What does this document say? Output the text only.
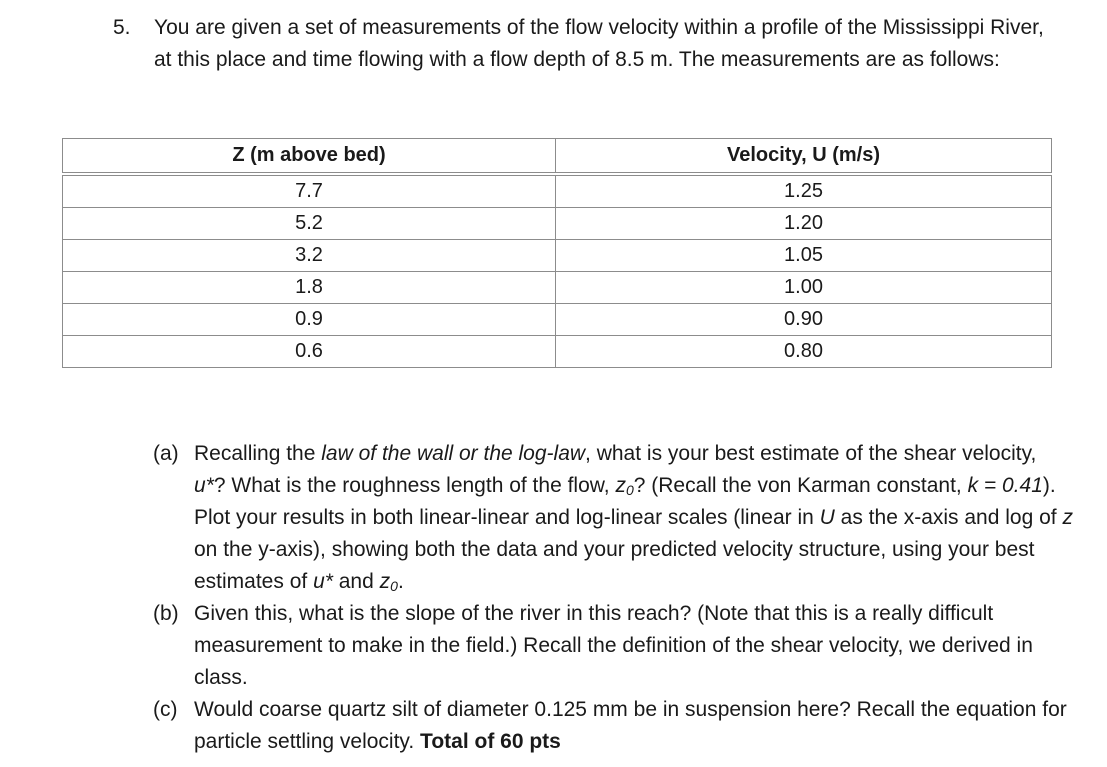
5. You are given a set of measurements of the flow velocity within a profile of the Mississippi River, at this place and time flowing with a flow depth of 8.5 m. The measurements are as follows:
Z (m above bed)	Velocity, U (m/s)
7.7	1.25
5.2	1.20
3.2	1.05
1.8	1.00
0.9	0.90
0.6	0.80
(a) Recalling the law of the wall or the log-law, what is your best estimate of the shear velocity, u*? What is the roughness length of the flow, $z_0$? (Recall the von Karman constant, k = 0.41). Plot your results in both linear-linear and log-linear scales (linear in U as the x-axis and log of z on the y-axis), showing both the data and your predicted velocity structure, using your best estimates of u* and $z_0$.
(b) Given this, what is the slope of the river in this reach? (Note that this is a really difficult measurement to make in the field.) Recall the definition of the shear velocity, we derived in class.
(c) Would coarse quartz silt of diameter 0.125 mm be in suspension here? Recall the equation for particle settling velocity. Total of 60 pts
